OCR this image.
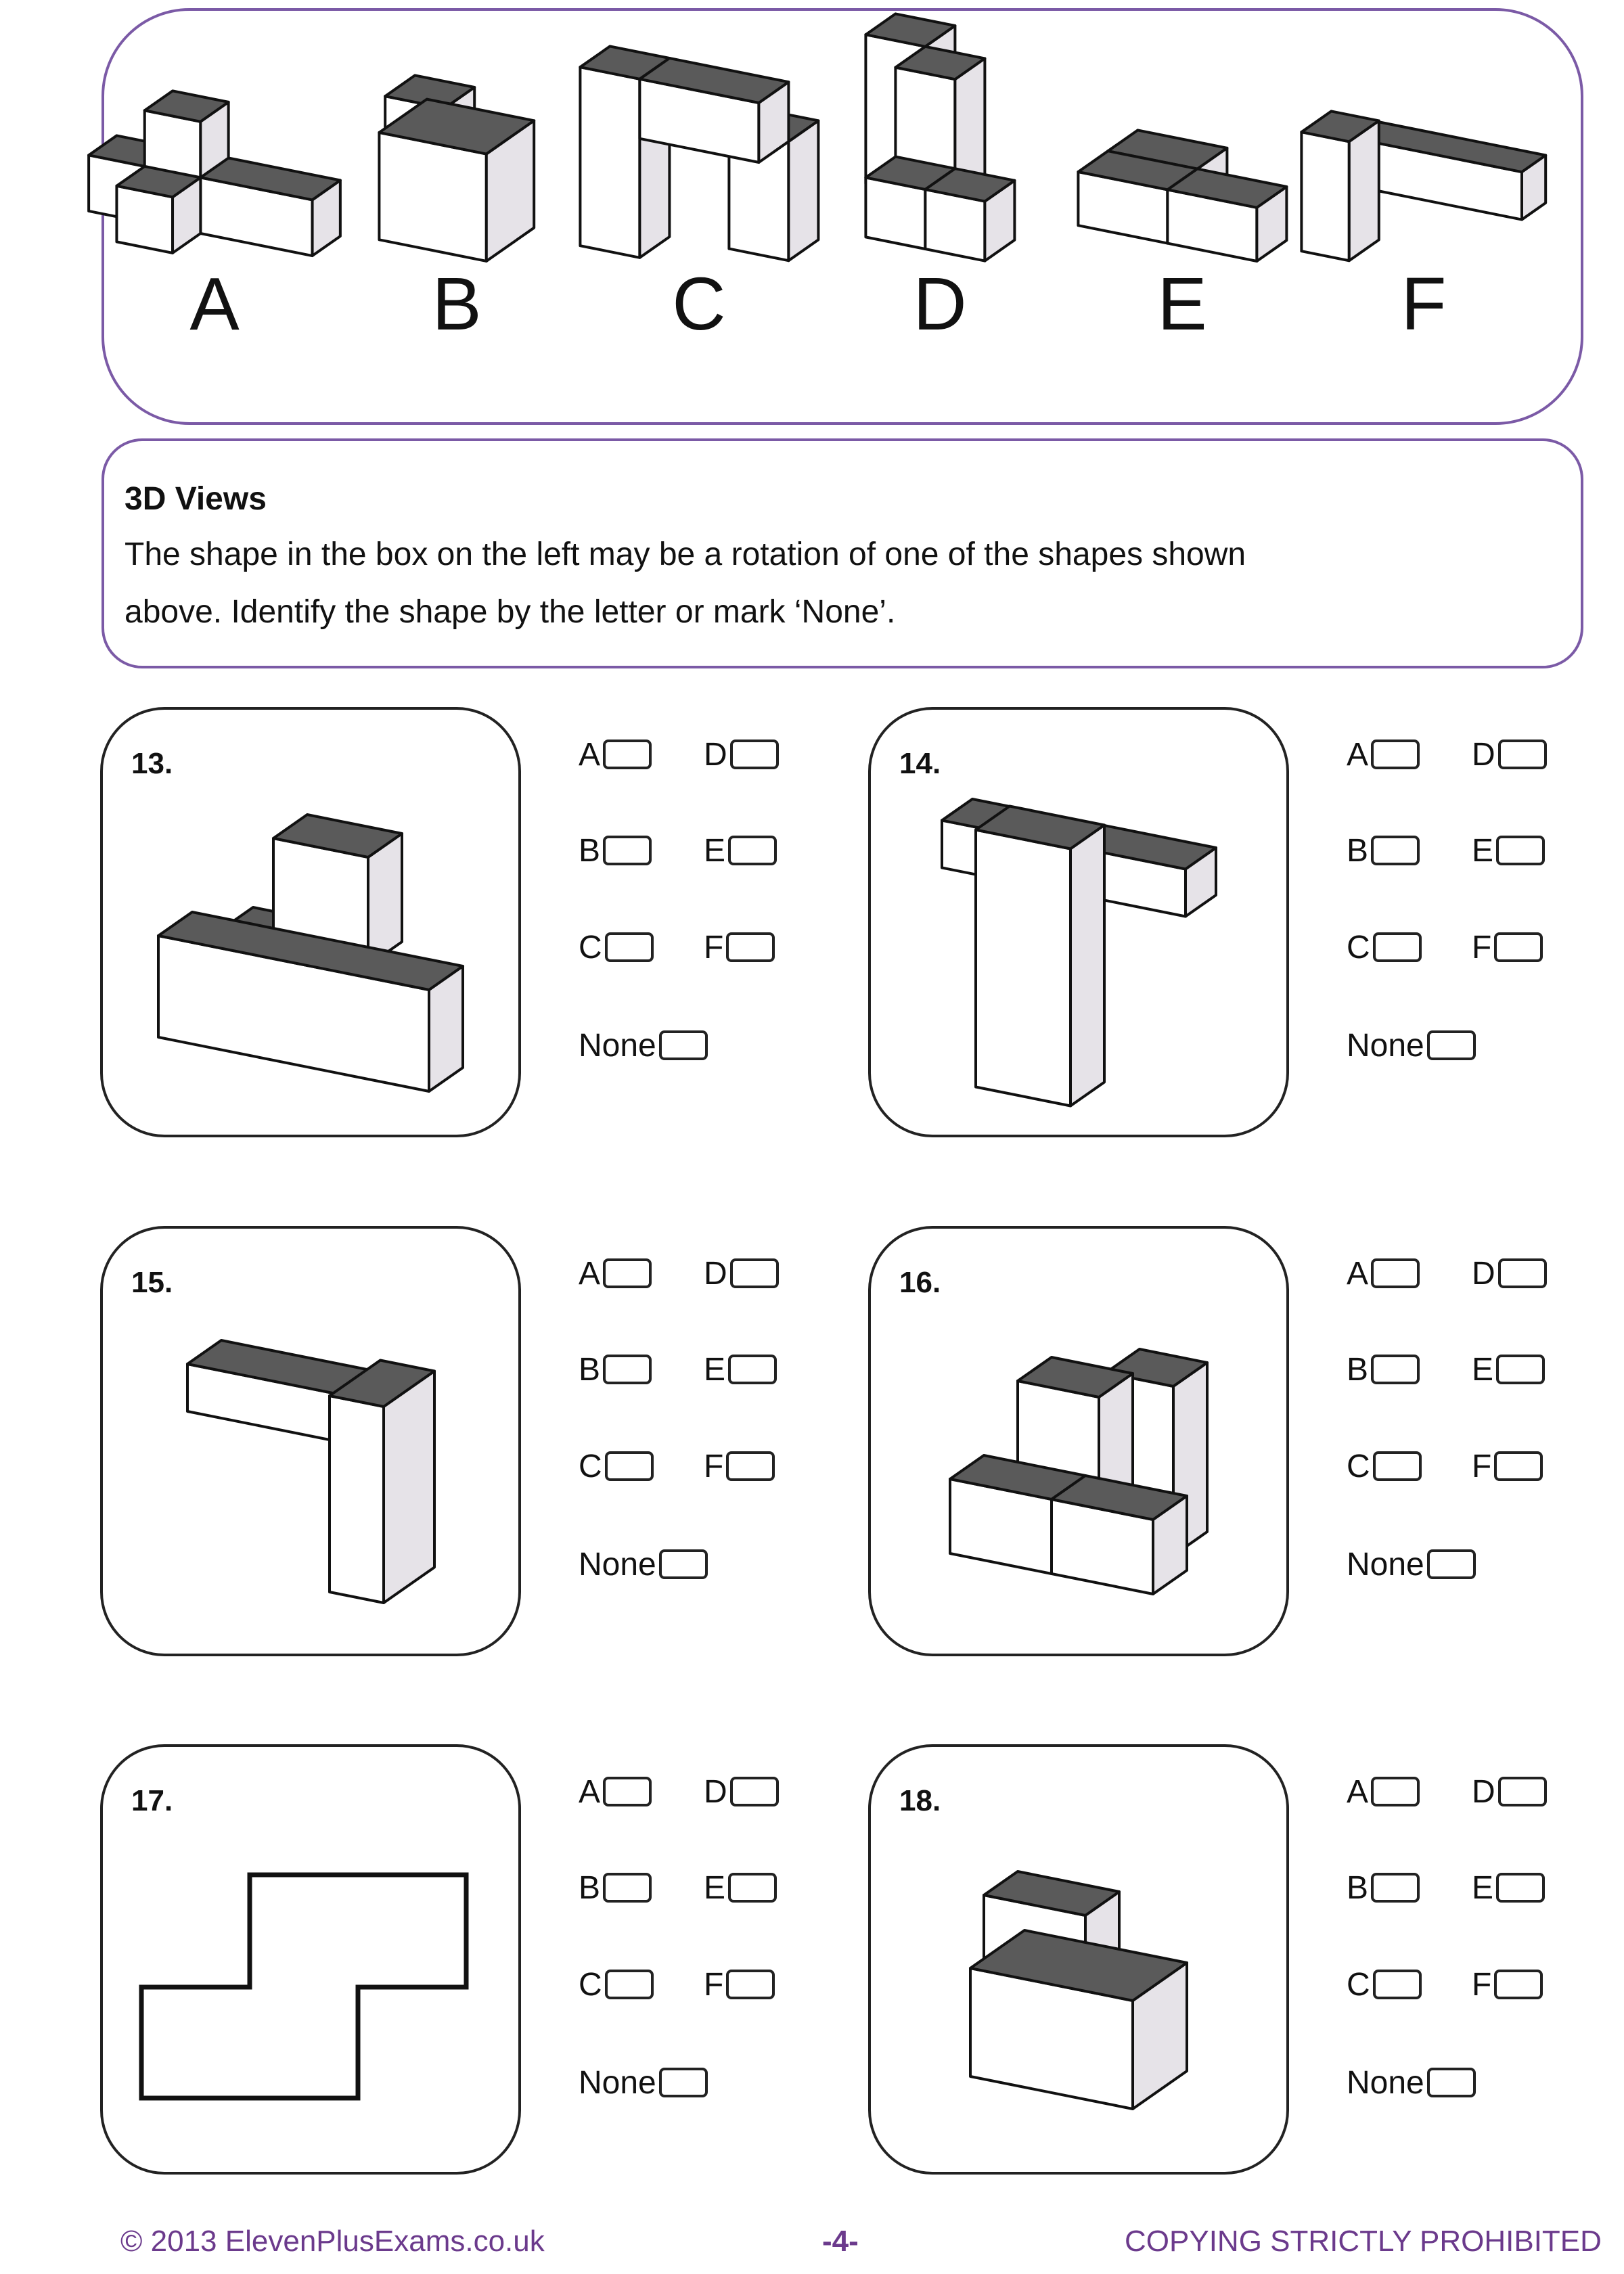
A	B	C	D	E	F
3D Views
The shape in the box on the left may be a rotation of one of the shapes shown
above. Identify the shape by the letter or mark ‘None’.
13.	A	D
B	E
C	F
None
14.	A	D
B	E
C	F
None
15.	A	D
B	E
C	F
None
16.	A	D
B	E
C	F
None
17.	A	D
B	E
C	F
None
18.	A	D
B	E
C	F
None
© 2013 ElevenPlusExams.co.uk	-4-	COPYING STRICTLY PROHIBITED
